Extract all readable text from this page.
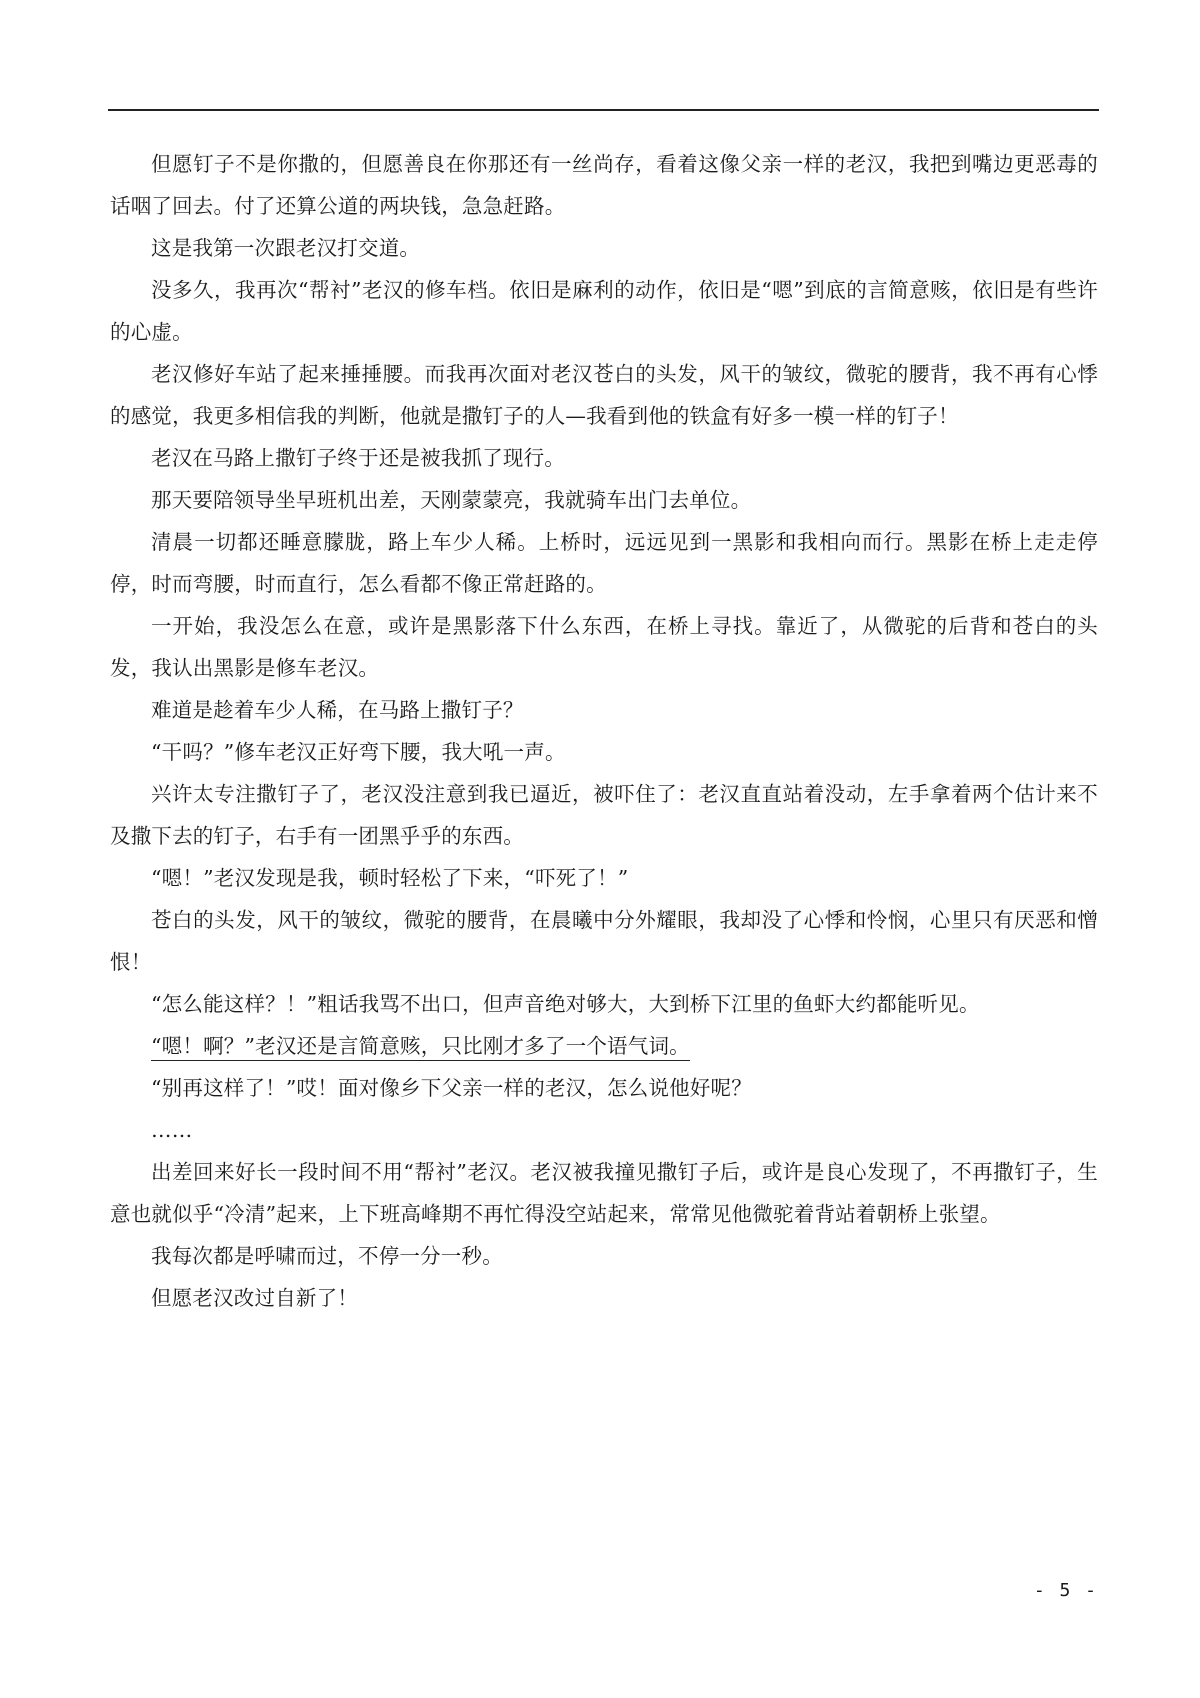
但愿钉子不是你撒的，但愿善良在你那还有一丝尚存，看着这像父亲一样的老汉，我把到嘴边更恶毒的话咽了回去。付了还算公道的两块钱，急急赶路。

这是我第一次跟老汉打交道。

没多久，我再次“帮衬”老汉的修车档。依旧是麻利的动作，依旧是“嗯”到底的言简意赅，依旧是有些许的心虚。

老汉修好车站了起来捶捶腰。而我再次面对老汉苍白的头发，风干的皱纹，微驼的腰背，我不再有心悸的感觉，我更多相信我的判断，他就是撒钉子的人—我看到他的铁盒有好多一模一样的钉子！

老汉在马路上撒钉子终于还是被我抓了现行。

那天要陪领导坐早班机出差，天刚蒙蒙亮，我就骑车出门去单位。

清晨一切都还睡意朦胧，路上车少人稀。上桥时，远远见到一黑影和我相向而行。黑影在桥上走走停停，时而弯腰，时而直行，怎么看都不像正常赶路的。

一开始，我没怎么在意，或许是黑影落下什么东西，在桥上寻找。靠近了，从微驼的后背和苍白的头发，我认出黑影是修车老汉。

难道是趁着车少人稀，在马路上撒钉子？

“干吗？”修车老汉正好弯下腰，我大吼一声。

兴许太专注撒钉子了，老汉没注意到我已逼近，被吓住了：老汉直直站着没动，左手拿着两个估计来不及撒下去的钉子，右手有一团黑乎乎的东西。

“嗯！”老汉发现是我，顿时轻松了下来，“吓死了！”

苍白的头发，风干的皱纹，微驼的腰背，在晨曦中分外耀眼，我却没了心悸和怜悯，心里只有厌恶和憎恨！

“怎么能这样？！”粗话我骂不出口，但声音绝对够大，大到桥下江里的鱼虾大约都能听见。

“嗯！啊？”老汉还是言简意赅，只比刚才多了一个语气词。

“别再这样了！”哎！面对像乡下父亲一样的老汉，怎么说他好呢？

……

出差回来好长一段时间不用“帮衬”老汉。老汉被我撞见撒钉子后，或许是良心发现了，不再撒钉子，生意也就似乎“冷清”起来，上下班高峰期不再忙得没空站起来，常常见他微驼着背站着朝桥上张望。

我每次都是呼啸而过，不停一分一秒。

但愿老汉改过自新了！

- 5 -
